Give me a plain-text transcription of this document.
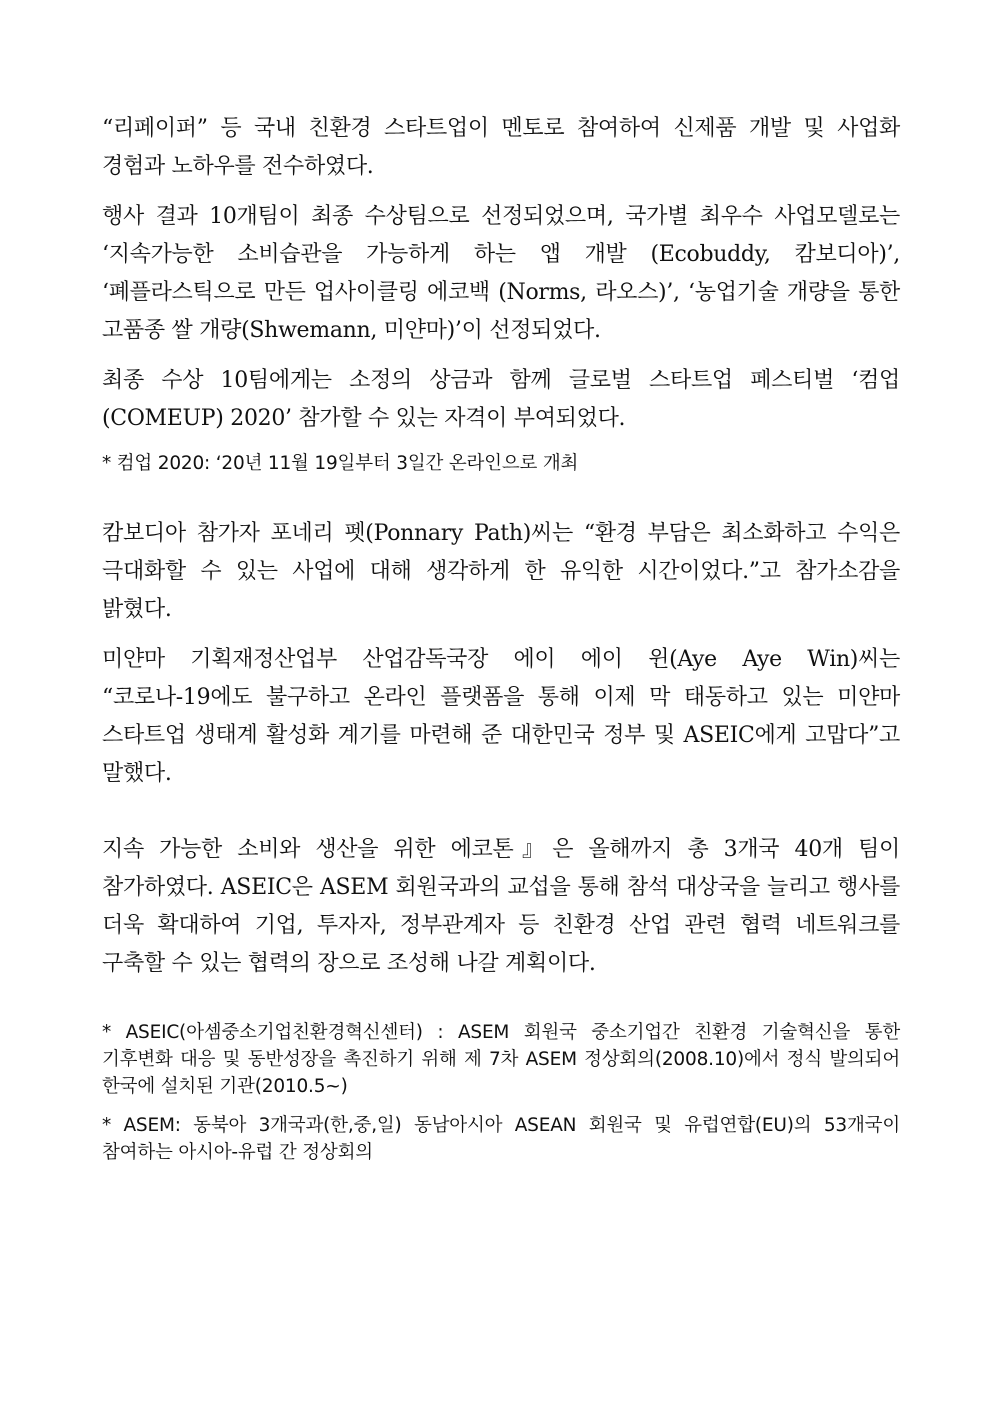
“리페이퍼” 등 국내 친환경 스타트업이 멘토로 참여하여 신제품 개발 및 사업화 경험과 노하우를 전수하였다.

행사 결과 10개팀이 최종 수상팀으로 선정되었으며, 국가별 최우수 사업모델로는 ‘지속가능한 소비습관을 가능하게 하는 앱 개발 (Ecobuddy, 캄보디아)’, ‘폐플라스틱으로 만든 업사이클링 에코백 (Norms, 라오스)’, ‘농업기술 개량을 통한 고품종 쌀 개량(Shwemann, 미얀마)’이 선정되었다.

최종 수상 10팀에게는 소정의 상금과 함께 글로벌 스타트업 페스티벌 ‘컴업(COMEUP) 2020’ 참가할 수 있는 자격이 부여되었다.

* 컴업 2020: ‘20년 11월 19일부터 3일간 온라인으로 개최

캄보디아 참가자 포네리 펫(Ponnary Path)씨는 “환경 부담은 최소화하고 수익은 극대화할 수 있는 사업에 대해 생각하게 한 유익한 시간이었다.”고 참가소감을 밝혔다.

미얀마 기획재정산업부 산업감독국장 에이 에이 윈(Aye Aye Win)씨는 “코로나-19에도 불구하고 온라인 플랫폼을 통해 이제 막 태동하고 있는 미얀마 스타트업 생태계 활성화 계기를 마련해 준 대한민국 정부 및 ASEIC에게 고맙다”고 말했다.

지속 가능한 소비와 생산을 위한 에코톤』은 올해까지 총 3개국 40개 팀이 참가하였다. ASEIC은 ASEM 회원국과의 교섭을 통해 참석 대상국을 늘리고 행사를 더욱 확대하여 기업, 투자자, 정부관계자 등 친환경 산업 관련 협력 네트워크를 구축할 수 있는 협력의 장으로 조성해 나갈 계획이다.

* ASEIC(아셈중소기업친환경혁신센터) : ASEM 회원국 중소기업간 친환경 기술혁신을 통한 기후변화 대응 및 동반성장을 촉진하기 위해 제 7차 ASEM 정상회의(2008.10)에서 정식 발의되어 한국에 설치된 기관(2010.5~)

* ASEM: 동북아 3개국과(한,중,일) 동남아시아 ASEAN 회원국 및 유럽연합(EU)의 53개국이 참여하는 아시아-유럽 간 정상회의
